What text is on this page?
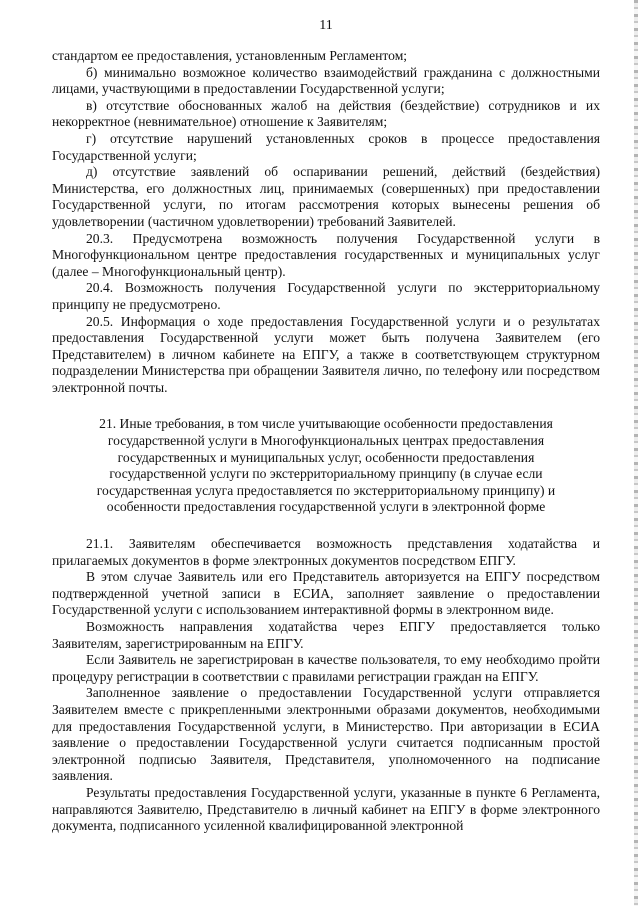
11

стандартом ее предоставления, установленным Регламентом;

б) минимально возможное количество взаимодействий гражданина с должностными лицами, участвующими в предоставлении Государственной услуги;

в) отсутствие обоснованных жалоб на действия (бездействие) сотрудников и их некорректное (невнимательное) отношение к Заявителям;

г) отсутствие нарушений установленных сроков в процессе предоставления Государственной услуги;

д) отсутствие заявлений об оспаривании решений, действий (бездействия) Министерства, его должностных лиц, принимаемых (совершенных) при предоставлении Государственной услуги, по итогам рассмотрения которых вынесены решения об удовлетворении (частичном удовлетворении) требований Заявителей.

20.3. Предусмотрена возможность получения Государственной услуги в Многофункциональном центре предоставления государственных и муниципальных услуг (далее – Многофункциональный центр).

20.4. Возможность получения Государственной услуги по экстерриториальному принципу не предусмотрено.

20.5. Информация о ходе предоставления Государственной услуги и о результатах предоставления Государственной услуги может быть получена Заявителем (его Представителем) в личном кабинете на ЕПГУ, а также в соответствующем структурном подразделении Министерства при обращении Заявителя лично, по телефону или посредством электронной почты.

21. Иные требования, в том числе учитывающие особенности предоставления государственной услуги в Многофункциональных центрах предоставления государственных и муниципальных услуг, особенности предоставления государственной услуги по экстерриториальному принципу (в случае если государственная услуга предоставляется по экстерриториальному принципу) и особенности предоставления государственной услуги в электронной форме

21.1. Заявителям обеспечивается возможность представления ходатайства и прилагаемых документов в форме электронных документов посредством ЕПГУ.

В этом случае Заявитель или его Представитель авторизуется на ЕПГУ посредством подтвержденной учетной записи в ЕСИА, заполняет заявление о предоставлении Государственной услуги с использованием интерактивной формы в электронном виде.

Возможность направления ходатайства через ЕПГУ предоставляется только Заявителям, зарегистрированным на ЕПГУ.

Если Заявитель не зарегистрирован в качестве пользователя, то ему необходимо пройти процедуру регистрации в соответствии с правилами регистрации граждан на ЕПГУ.

Заполненное заявление о предоставлении Государственной услуги отправляется Заявителем вместе с прикрепленными электронными образами документов, необходимыми для предоставления Государственной услуги, в Министерство. При авторизации в ЕСИА заявление о предоставлении Государственной услуги считается подписанным простой электронной подписью Заявителя, Представителя, уполномоченного на подписание заявления.

Результаты предоставления Государственной услуги, указанные в пункте 6 Регламента, направляются Заявителю, Представителю в личный кабинет на ЕПГУ в форме электронного документа, подписанного усиленной квалифицированной электронной
